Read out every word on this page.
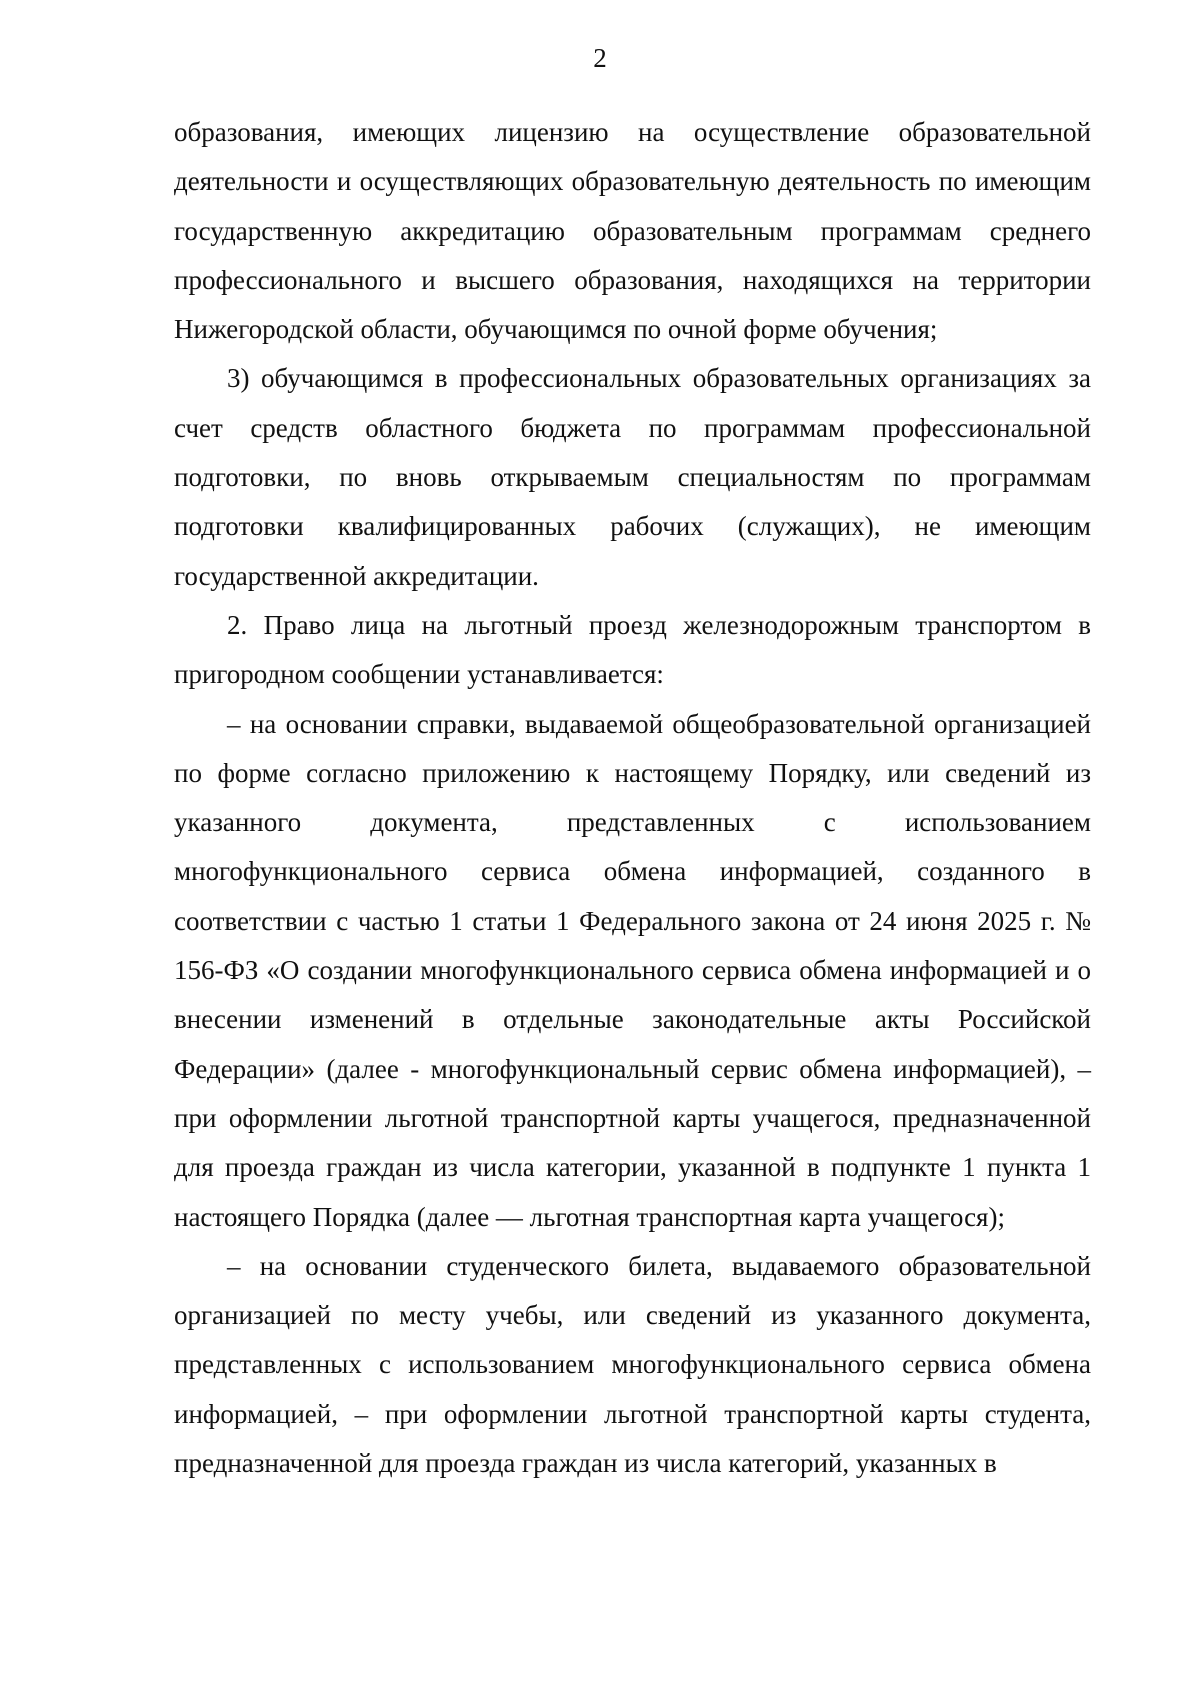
2

образования, имеющих лицензию на осуществление образовательной деятельности и осуществляющих образовательную деятельность по имеющим государственную аккредитацию образовательным программам среднего профессионального и высшего образования, находящихся на территории Нижегородской области, обучающимся по очной форме обучения;

3) обучающимся в профессиональных образовательных организациях за счет средств областного бюджета по программам профессиональной подготовки, по вновь открываемым специальностям по программам подготовки квалифицированных рабочих (служащих), не имеющим государственной аккредитации.

2. Право лица на льготный проезд железнодорожным транспортом в пригородном сообщении устанавливается:

– на основании справки, выдаваемой общеобразовательной организацией по форме согласно приложению к настоящему Порядку, или сведений из указанного документа, представленных с использованием многофункционального сервиса обмена информацией, созданного в соответствии с частью 1 статьи 1 Федерального закона от 24 июня 2025 г. № 156-ФЗ «О создании многофункционального сервиса обмена информацией и о внесении изменений в отдельные законодательные акты Российской Федерации» (далее - многофункциональный сервис обмена информацией), – при оформлении льготной транспортной карты учащегося, предназначенной для проезда граждан из числа категории, указанной в подпункте 1 пункта 1 настоящего Порядка (далее — льготная транспортная карта учащегося);

– на основании студенческого билета, выдаваемого образовательной организацией по месту учебы, или сведений из указанного документа, представленных с использованием многофункционального сервиса обмена информацией, – при оформлении льготной транспортной карты студента, предназначенной для проезда граждан из числа категорий, указанных в
